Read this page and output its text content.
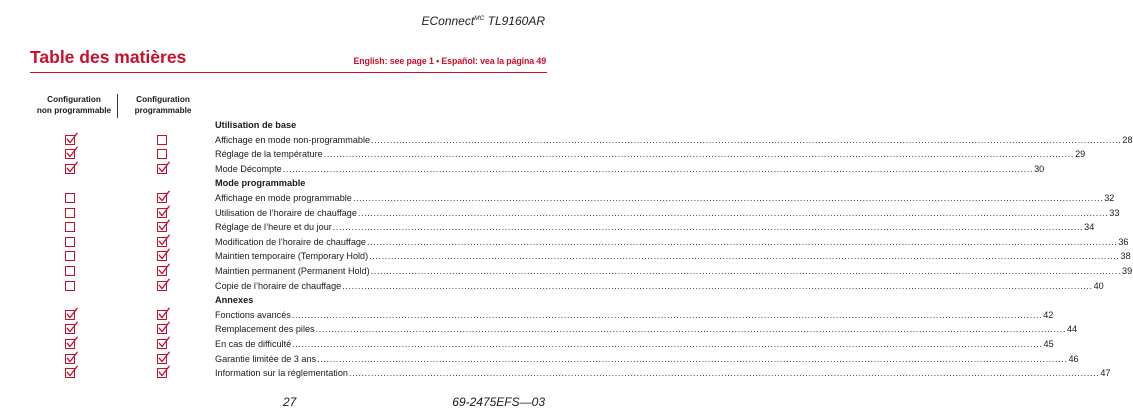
EConnect$^{MC}$ TL9160AR
Table des matières	English: see page 1 • Español: vea la página 49
Configuration
non programmable
Configuration
programmable
Utilisation de base
Affichage en mode non-programmable ................................................................................................................................................................................................................................................ 28
Réglage de la température ................................................................................................................................................................................................................................................ 29
Mode Décompte ................................................................................................................................................................................................................................................ 30
Mode programmable
Affichage en mode programmable ................................................................................................................................................................................................................................................ 32
Utilisation de l’horaire de chauffage ................................................................................................................................................................................................................................................ 33
Réglage de l’heure et du jour ................................................................................................................................................................................................................................................ 34
Modification de l’horaire de chauffage ................................................................................................................................................................................................................................................ 36
Maintien temporaire (Temporary Hold) ................................................................................................................................................................................................................................................ 38
Maintien permanent (Permanent Hold) ................................................................................................................................................................................................................................................ 39
Copie de l’horaire de chauffage ................................................................................................................................................................................................................................................ 40
Annexes
Fonctions avancés ................................................................................................................................................................................................................................................ 42
Remplacement des piles ................................................................................................................................................................................................................................................ 44
En cas de difficulté ................................................................................................................................................................................................................................................ 45
Garantie limitée de 3 ans ................................................................................................................................................................................................................................................ 46
Information sur la réglementation ................................................................................................................................................................................................................................................ 47
27	69-2475EFS—03
